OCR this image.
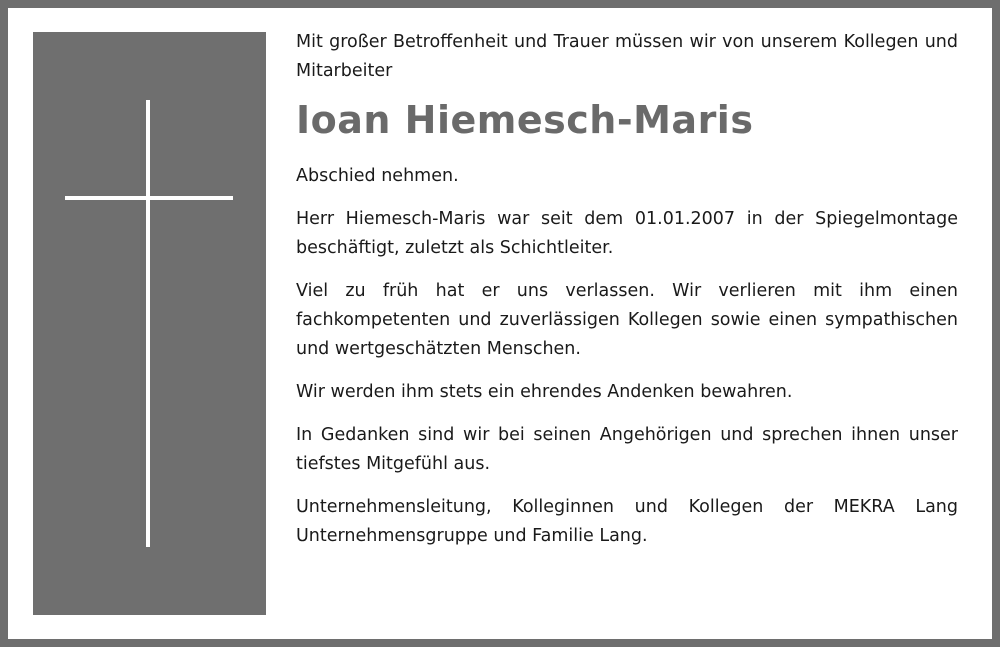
Mit großer Betroffenheit und Trauer müssen wir von unserem Kollegen und Mitarbeiter

Ioan Hiemesch-Maris

Abschied nehmen.

Herr Hiemesch-Maris war seit dem 01.01.2007 in der Spiegelmontage beschäftigt, zuletzt als Schichtleiter.

Viel zu früh hat er uns verlassen. Wir verlieren mit ihm einen fachkompetenten und zuverlässigen Kollegen sowie einen sympathischen und wertgeschätzten Menschen.

Wir werden ihm stets ein ehrendes Andenken bewahren.

In Gedanken sind wir bei seinen Angehörigen und sprechen ihnen unser tiefstes Mitgefühl aus.

Unternehmensleitung, Kolleginnen und Kollegen der MEKRA Lang Unternehmensgruppe und Familie Lang.
